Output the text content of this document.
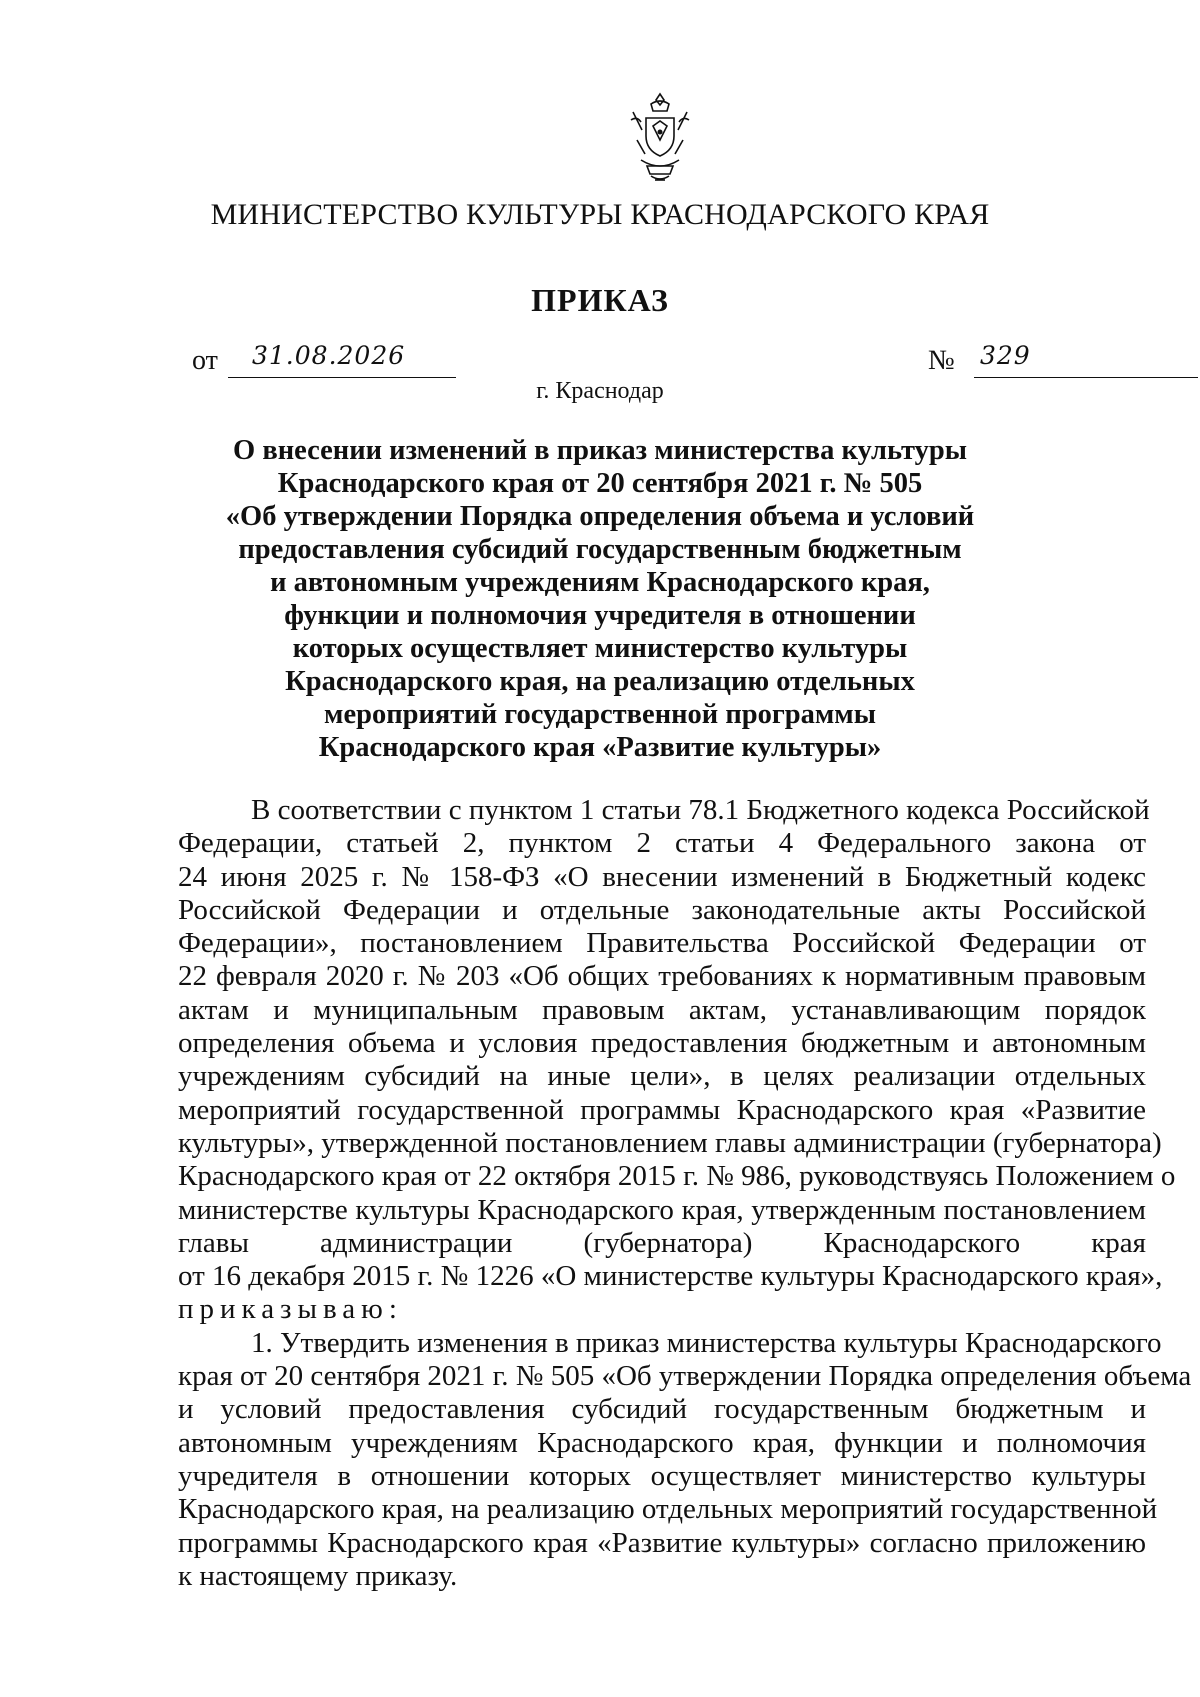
МИНИСТЕРСТВО КУЛЬТУРЫ КРАСНОДАРСКОГО КРАЯ
ПРИКАЗ
от 31.08.2026	№ 329
г. Краснодар
О внесении изменений в приказ министерства культуры
Краснодарского края от 20 сентября 2021 г. № 505
«Об утверждении Порядка определения объема и условий
предоставления субсидий государственным бюджетным
и автономным учреждениям Краснодарского края,
функции и полномочия учредителя в отношении
которых осуществляет министерство культуры
Краснодарского края, на реализацию отдельных
мероприятий государственной программы
Краснодарского края «Развитие культуры»
В соответствии с пунктом 1 статьи 78.1 Бюджетного кодекса Российской
Федерации, статьей 2, пунктом 2 статьи 4 Федерального закона от
24 июня 2025 г. № 158-ФЗ «О внесении изменений в Бюджетный кодекс
Российской Федерации и отдельные законодательные акты Российской
Федерации», постановлением Правительства Российской Федерации от
22 февраля 2020 г. № 203 «Об общих требованиях к нормативным правовым
актам и муниципальным правовым актам, устанавливающим порядок
определения объема и условия предоставления бюджетным и автономным
учреждениям субсидий на иные цели», в целях реализации отдельных
мероприятий государственной программы Краснодарского края «Развитие
культуры», утвержденной постановлением главы администрации (губернатора)
Краснодарского края от 22 октября 2015 г. № 986, руководствуясь Положением о
министерстве культуры Краснодарского края, утвержденным постановлением
главы администрации (губернатора) Краснодарского края
от 16 декабря 2015 г. № 1226 «О министерстве культуры Краснодарского края»,
приказываю:
1. Утвердить изменения в приказ министерства культуры Краснодарского
края от 20 сентября 2021 г. № 505 «Об утверждении Порядка определения объема
и условий предоставления субсидий государственным бюджетным и
автономным учреждениям Краснодарского края, функции и полномочия
учредителя в отношении которых осуществляет министерство культуры
Краснодарского края, на реализацию отдельных мероприятий государственной
программы Краснодарского края «Развитие культуры» согласно приложению
к настоящему приказу.
